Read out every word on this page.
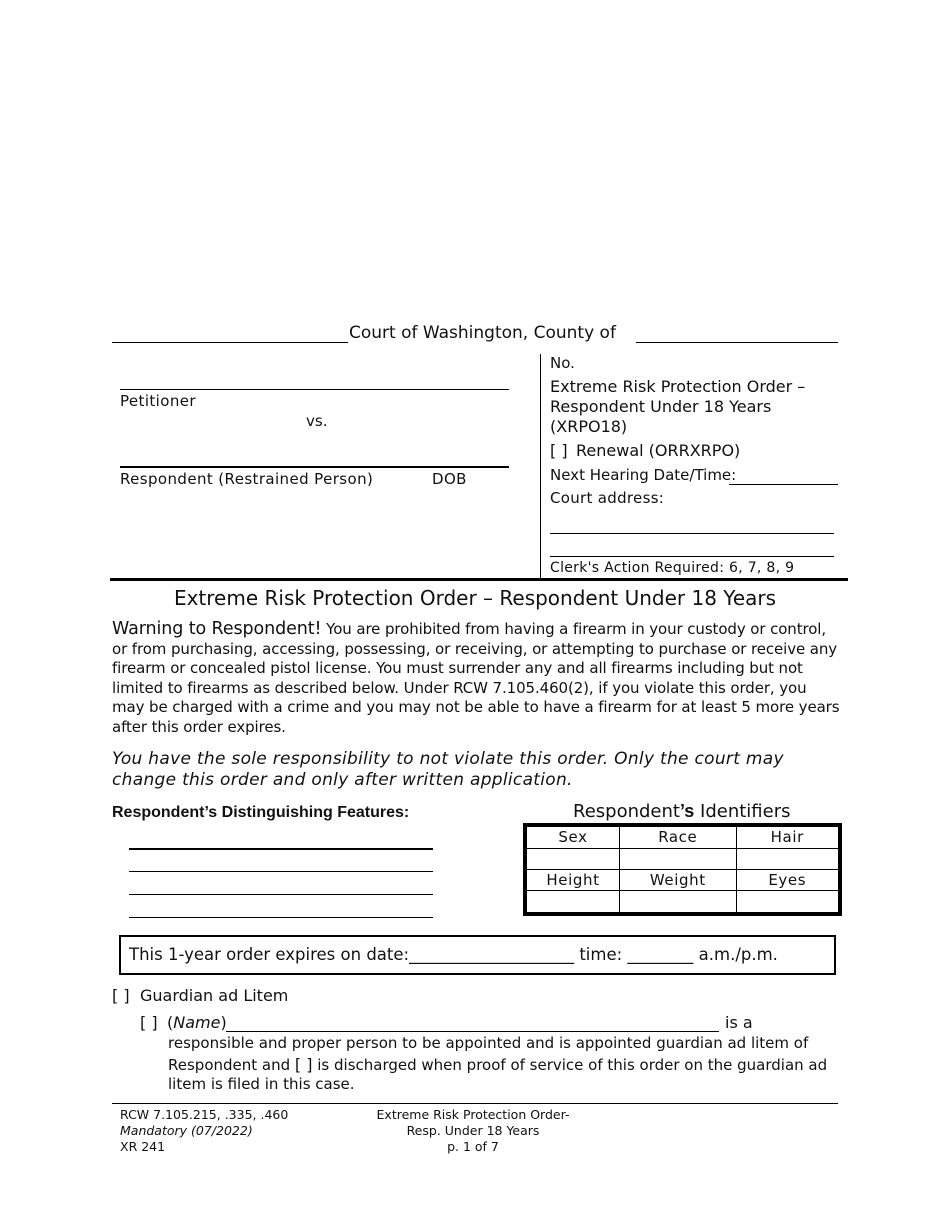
Court of Washington, County of
Petitioner
vs.
Respondent (Restrained Person)	DOB
No.
Extreme Risk Protection Order –
Respondent Under 18 Years
(XRPO18)
[ ] Renewal (ORRXRPO)
Next Hearing Date/Time:
Court address:
Clerk's Action Required: 6, 7, 8, 9
Extreme Risk Protection Order – Respondent Under 18 Years
Warning to Respondent! You are prohibited from having a firearm in your custody or control, or from purchasing, accessing, possessing, or receiving, or attempting to purchase or receive any firearm or concealed pistol license. You must surrender any and all firearms including but not limited to firearms as described below. Under RCW 7.105.460(2), if you violate this order, you may be charged with a crime and you may not be able to have a firearm for at least 5 more years after this order expires.
You have the sole responsibility to not violate this order. Only the court may change this order and only after written application.
Respondent’s Distinguishing Features:	Respondent’s Identifiers
Sex	Race	Hair

Height	Weight	Eyes

This 1-year order expires on date:____________________ time: ________ a.m./p.m.
[ ] Guardian ad Litem
[ ] (Name)	is a
responsible and proper person to be appointed and is appointed guardian ad litem of
Respondent and [ ] is discharged when proof of service of this order on the guardian ad
litem is filed in this case.
RCW 7.105.215, .335, .460
Mandatory (07/2022)
XR 241
Extreme Risk Protection Order-
Resp. Under 18 Years
p. 1 of 7
